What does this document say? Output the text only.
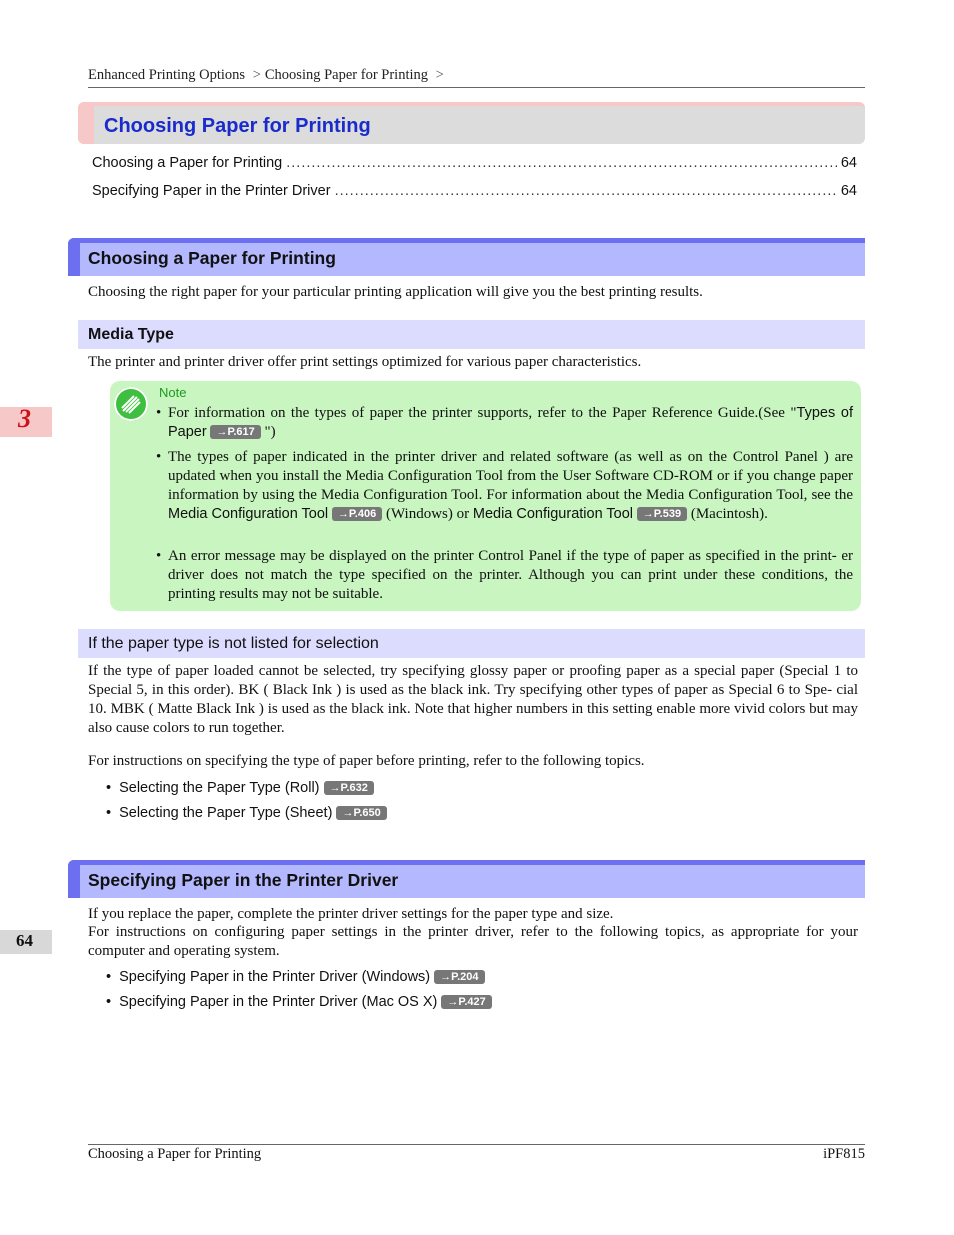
Enhanced Printing Options > Choosing Paper for Printing >
Choosing Paper for Printing
Choosing a Paper for Printing .....	64
Specifying Paper in the Printer Driver .....	64
Choosing a Paper for Printing
Choosing the right paper for your particular printing application will give you the best printing results.
Media Type
The printer and printer driver offer print settings optimized for various paper characteristics.
Note
• For information on the types of paper the printer supports, refer to the Paper Reference Guide.(See "Types of Paper →P.617 ")
• The types of paper indicated in the printer driver and related software (as well as on the Control Panel ) are updated when you install the Media Configuration Tool from the User Software CD-ROM or if you change paper information by using the Media Configuration Tool. For information about the Media Configuration Tool, see the Media Configuration Tool →P.406 (Windows) or Media Configuration Tool →P.539 (Macintosh).
• An error message may be displayed on the printer Control Panel if the type of paper as specified in the print- er driver does not match the type specified on the printer. Although you can print under these conditions, the printing results may not be suitable.
If the paper type is not listed for selection
If the type of paper loaded cannot be selected, try specifying glossy paper or proofing paper as a special paper (Special 1 to Special 5, in this order). BK ( Black Ink ) is used as the black ink. Try specifying other types of paper as Special 6 to Spe- cial 10. MBK ( Matte Black Ink ) is used as the black ink. Note that higher numbers in this setting enable more vivid colors but may also cause colors to run together.
For instructions on specifying the type of paper before printing, refer to the following topics.
• Selecting the Paper Type (Roll) →P.632
• Selecting the Paper Type (Sheet) →P.650
Specifying Paper in the Printer Driver
If you replace the paper, complete the printer driver settings for the paper type and size.
For instructions on configuring paper settings in the printer driver, refer to the following topics, as appropriate for your computer and operating system.
• Specifying Paper in the Printer Driver (Windows) →P.204
• Specifying Paper in the Printer Driver (Mac OS X) →P.427
3
64
Choosing a Paper for Printing	iPF815
